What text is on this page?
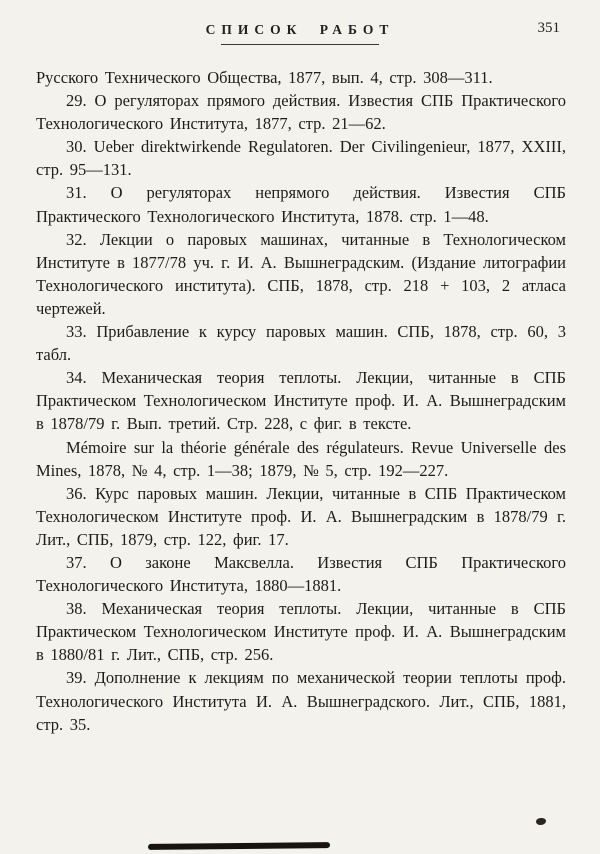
СПИСОК РАБОТ	351

Русского Технического Общества, 1877, вып. 4, стр. 308—311.

29. О регуляторах прямого действия. Известия СПБ Практического Технологического Института, 1877, стр. 21—62.

30. Ueber direktwirkende Regulatoren. Der Civilingenieur, 1877, XXIII, стр. 95—131.

31. О регуляторах непрямого действия. Известия СПБ Практического Технологического Института, 1878. стр. 1—48.

32. Лекции о паровых машинах, читанные в Технологическом Институте в 1877/78 уч. г. И. А. Вышнеградским. (Издание литографии Технологического института). СПБ, 1878, стр. 218 + 103, 2 атласа чертежей.

33. Прибавление к курсу паровых машин. СПБ, 1878, стр. 60, 3 табл.

34. Механическая теория теплоты. Лекции, читанные в СПБ Практическом Технологическом Институте проф. И. А. Вышнеградским в 1878/79 г. Вып. третий. Стр. 228, с фиг. в тексте.

Mémoire sur la théorie générale des régulateurs. Revue Universelle des Mines, 1878, № 4, стр. 1—38; 1879, № 5, стр. 192—227.

36. Курс паровых машин. Лекции, читанные в СПБ Практическом Технологическом Институте проф. И. А. Вышнеградским в 1878/79 г. Лит., СПБ, 1879, стр. 122, фиг. 17.

37. О законе Максвелла. Известия СПБ Практического Технологического Института, 1880—1881.

38. Механическая теория теплоты. Лекции, читанные в СПБ Практическом Технологическом Институте проф. И. А. Вышнеградским в 1880/81 г. Лит., СПБ, стр. 256.

39. Дополнение к лекциям по механической теории теплоты проф. Технологического Института И. А. Вышнеградского. Лит., СПБ, 1881, стр. 35.
